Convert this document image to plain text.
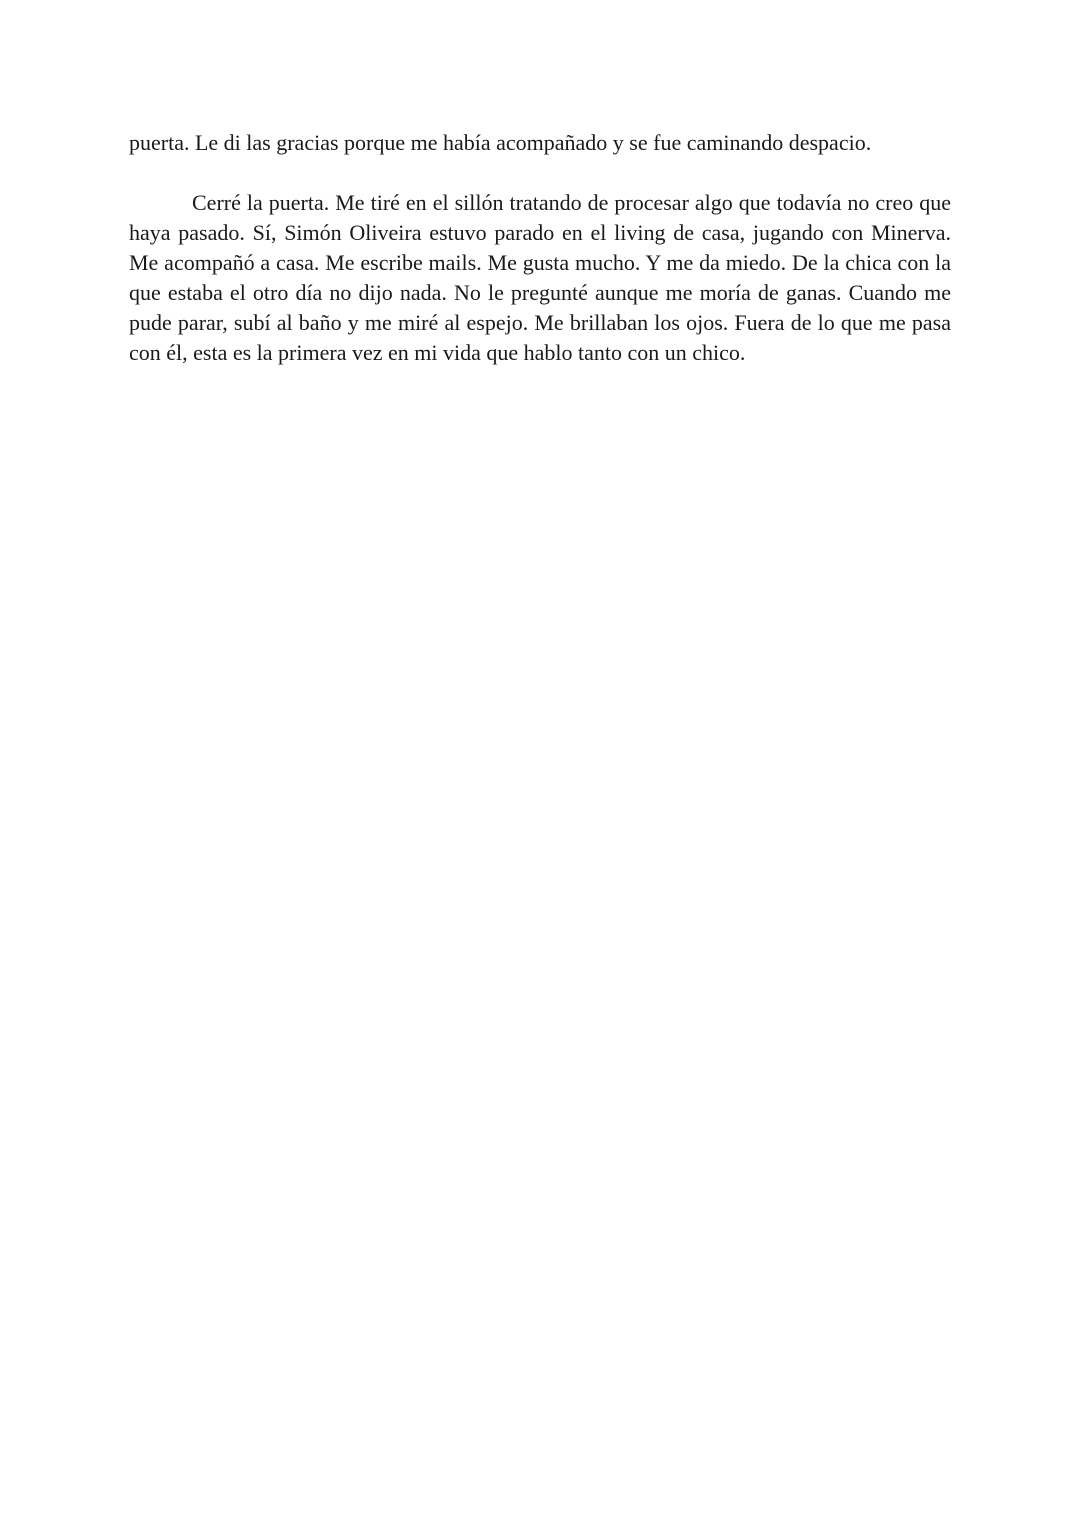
puerta. Le di las gracias porque me había acompañado y se fue caminando despacio.

Cerré la puerta. Me tiré en el sillón tratando de procesar algo que todavía no creo que haya pasado. Sí, Simón Oliveira estuvo parado en el living de casa, jugando con Minerva. Me acompañó a casa. Me escribe mails. Me gusta mucho. Y me da miedo. De la chica con la que estaba el otro día no dijo nada. No le pregunté aunque me moría de ganas. Cuando me pude parar, subí al baño y me miré al espejo. Me brillaban los ojos. Fuera de lo que me pasa con él, esta es la primera vez en mi vida que hablo tanto con un chico.
